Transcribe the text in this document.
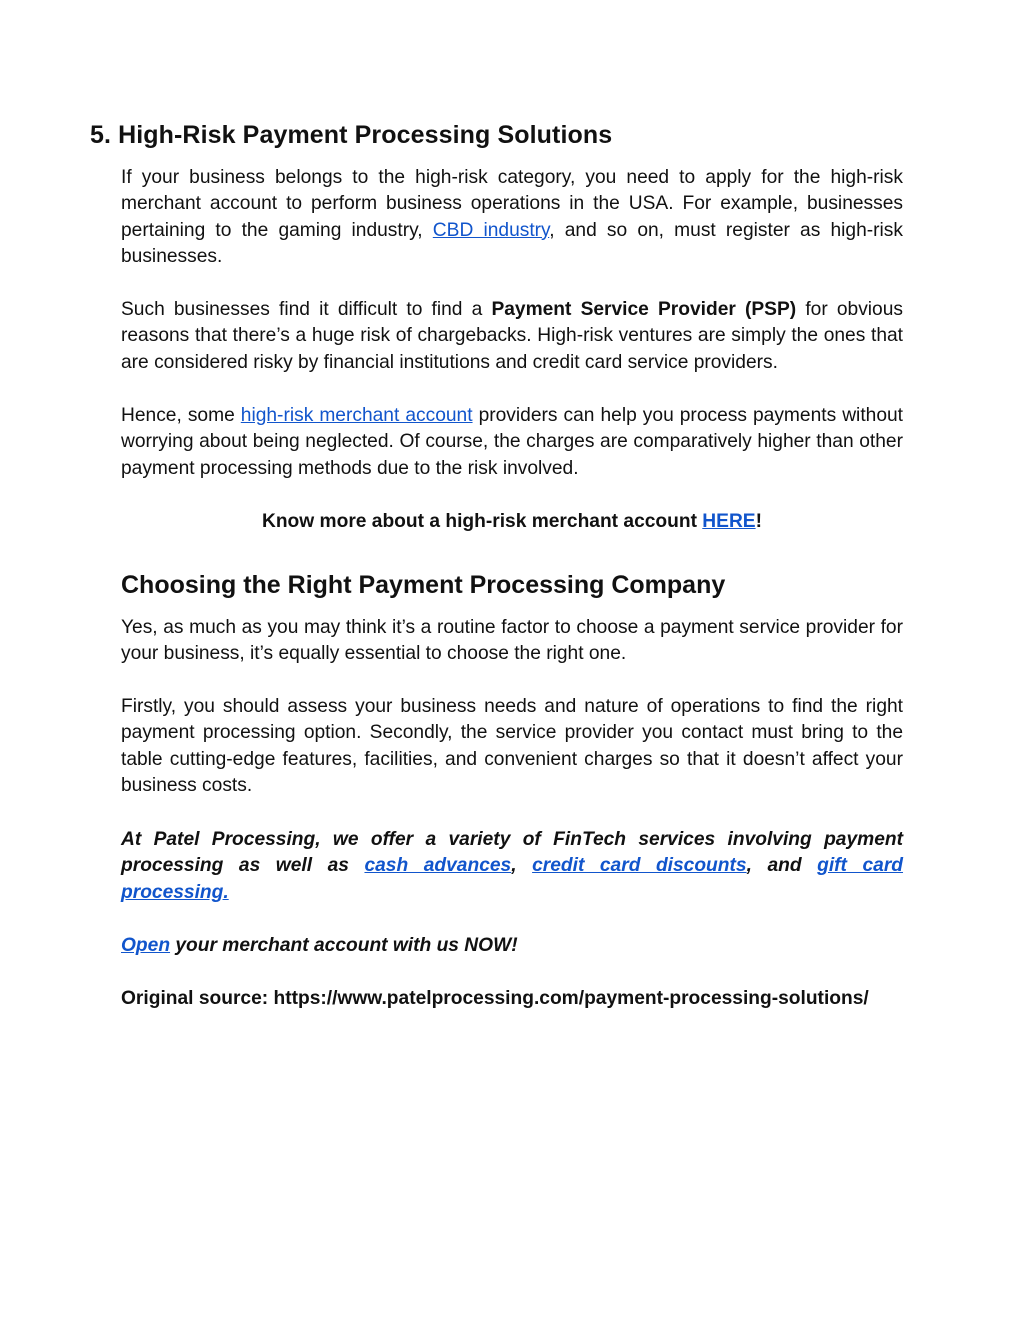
5. High-Risk Payment Processing Solutions

If your business belongs to the high-risk category, you need to apply for the high-risk merchant account to perform business operations in the USA. For example, businesses pertaining to the gaming industry, CBD industry, and so on, must register as high-risk businesses.

Such businesses find it difficult to find a Payment Service Provider (PSP) for obvious reasons that there’s a huge risk of chargebacks. High-risk ventures are simply the ones that are considered risky by financial institutions and credit card service providers.

Hence, some high-risk merchant account providers can help you process payments without worrying about being neglected. Of course, the charges are comparatively higher than other payment processing methods due to the risk involved.

Know more about a high-risk merchant account HERE!

Choosing the Right Payment Processing Company

Yes, as much as you may think it’s a routine factor to choose a payment service provider for your business, it’s equally essential to choose the right one.

Firstly, you should assess your business needs and nature of operations to find the right payment processing option. Secondly, the service provider you contact must bring to the table cutting-edge features, facilities, and convenient charges so that it doesn’t affect your business costs.

At Patel Processing, we offer a variety of FinTech services involving payment processing as well as cash advances, credit card discounts, and gift card processing.

Open your merchant account with us NOW!

Original source: https://www.patelprocessing.com/payment-processing-solutions/
